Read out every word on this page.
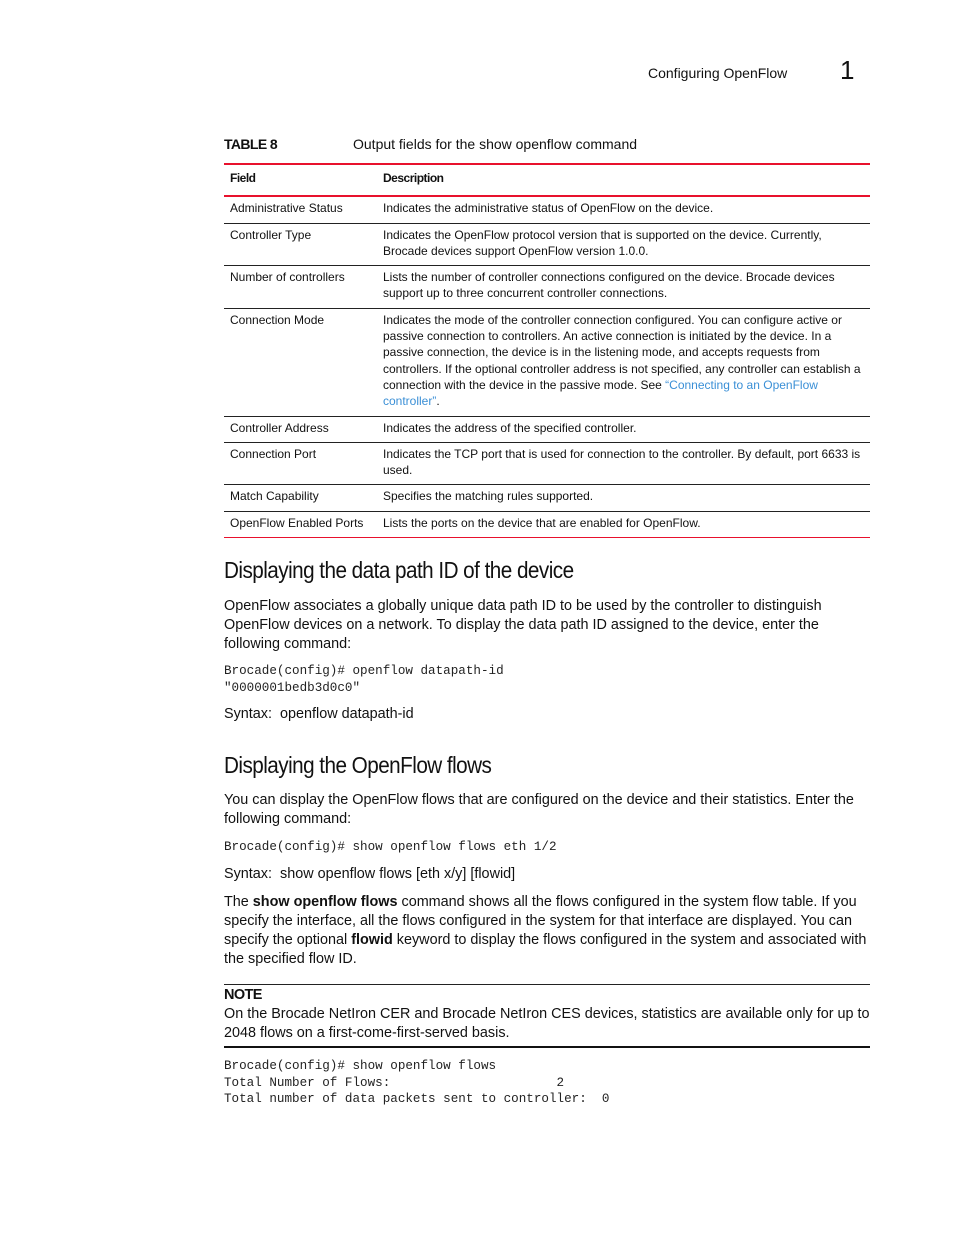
Configuring OpenFlow 1
TABLE 8	Output fields for the show openflow command
Field	Description
Administrative Status	Indicates the administrative status of OpenFlow on the device.
Controller Type	Indicates the OpenFlow protocol version that is supported on the device. Currently, Brocade devices support OpenFlow version 1.0.0.
Number of controllers	Lists the number of controller connections configured on the device. Brocade devices support up to three concurrent controller connections.
Connection Mode	Indicates the mode of the controller connection configured. You can configure active or passive connection to controllers. An active connection is initiated by the device. In a passive connection, the device is in the listening mode, and accepts requests from controllers. If the optional controller address is not specified, any controller can establish a connection with the device in the passive mode. See “Connecting to an OpenFlow controller”.
Controller Address	Indicates the address of the specified controller.
Connection Port	Indicates the TCP port that is used for connection to the controller. By default, port 6633 is used.
Match Capability	Specifies the matching rules supported.
OpenFlow Enabled Ports	Lists the ports on the device that are enabled for OpenFlow.
Displaying the data path ID of the device
OpenFlow associates a globally unique data path ID to be used by the controller to distinguish OpenFlow devices on a network. To display the data path ID assigned to the device, enter the following command:
Brocade(config)# openflow datapath-id
"0000001bedb3d0c0"
Syntax: openflow datapath-id
Displaying the OpenFlow flows
You can display the OpenFlow flows that are configured on the device and their statistics. Enter the following command:
Brocade(config)# show openflow flows eth 1/2
Syntax: show openflow flows [eth x/y] [flowid]
The show openflow flows command shows all the flows configured in the system flow table. If you specify the interface, all the flows configured in the system for that interface are displayed. You can specify the optional flowid keyword to display the flows configured in the system and associated with the specified flow ID.
NOTE
On the Brocade NetIron CER and Brocade NetIron CES devices, statistics are available only for up to 2048 flows on a first-come-first-served basis.
Brocade(config)# show openflow flows
Total Number of Flows:                      2
Total number of data packets sent to controller:  0
